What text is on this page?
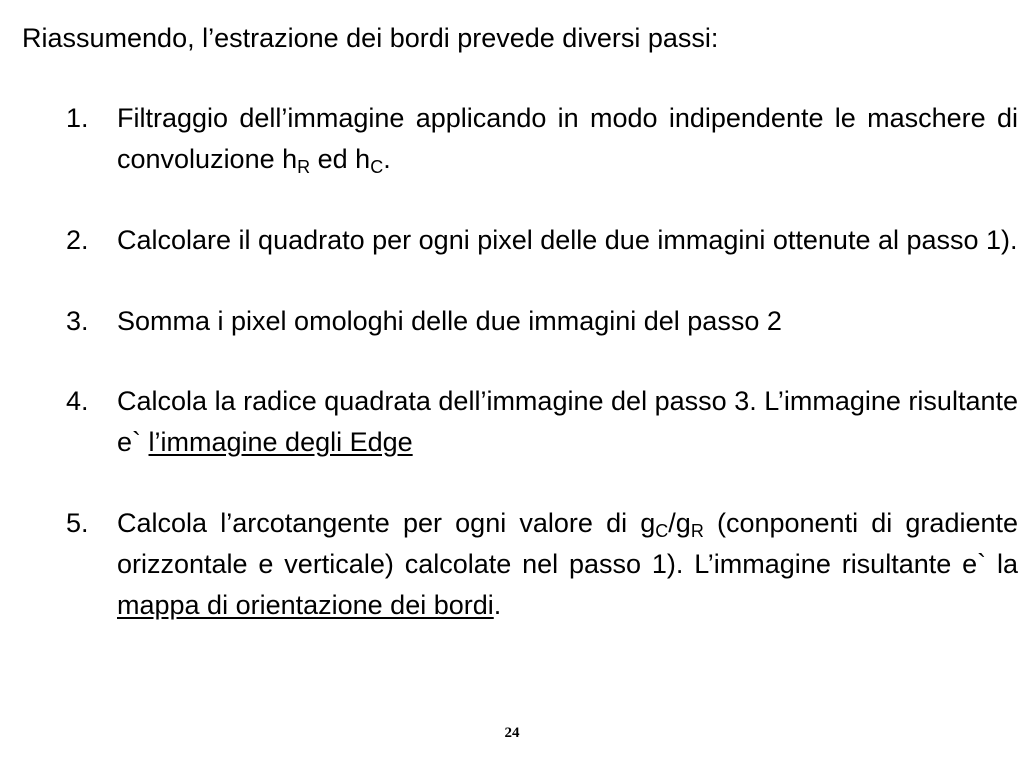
Riassumendo, l’estrazione dei bordi prevede diversi passi:
1. Filtraggio dell’immagine applicando in modo indipendente le maschere di convoluzione $h_R$ ed $h_C$.
2. Calcolare il quadrato per ogni pixel delle due immagini ottenute al passo 1).
3. Somma i pixel omologhi delle due immagini del passo 2
4. Calcola la radice quadrata dell’immagine del passo 3. L’immagine risultante e` l’immagine degli Edge
5. Calcola l’arcotangente per ogni valore di $g_C/g_R$ (conponenti di gradiente orizzontale e verticale) calcolate nel passo 1). L’immagine risultante e` la mappa di orientazione dei bordi.
24
